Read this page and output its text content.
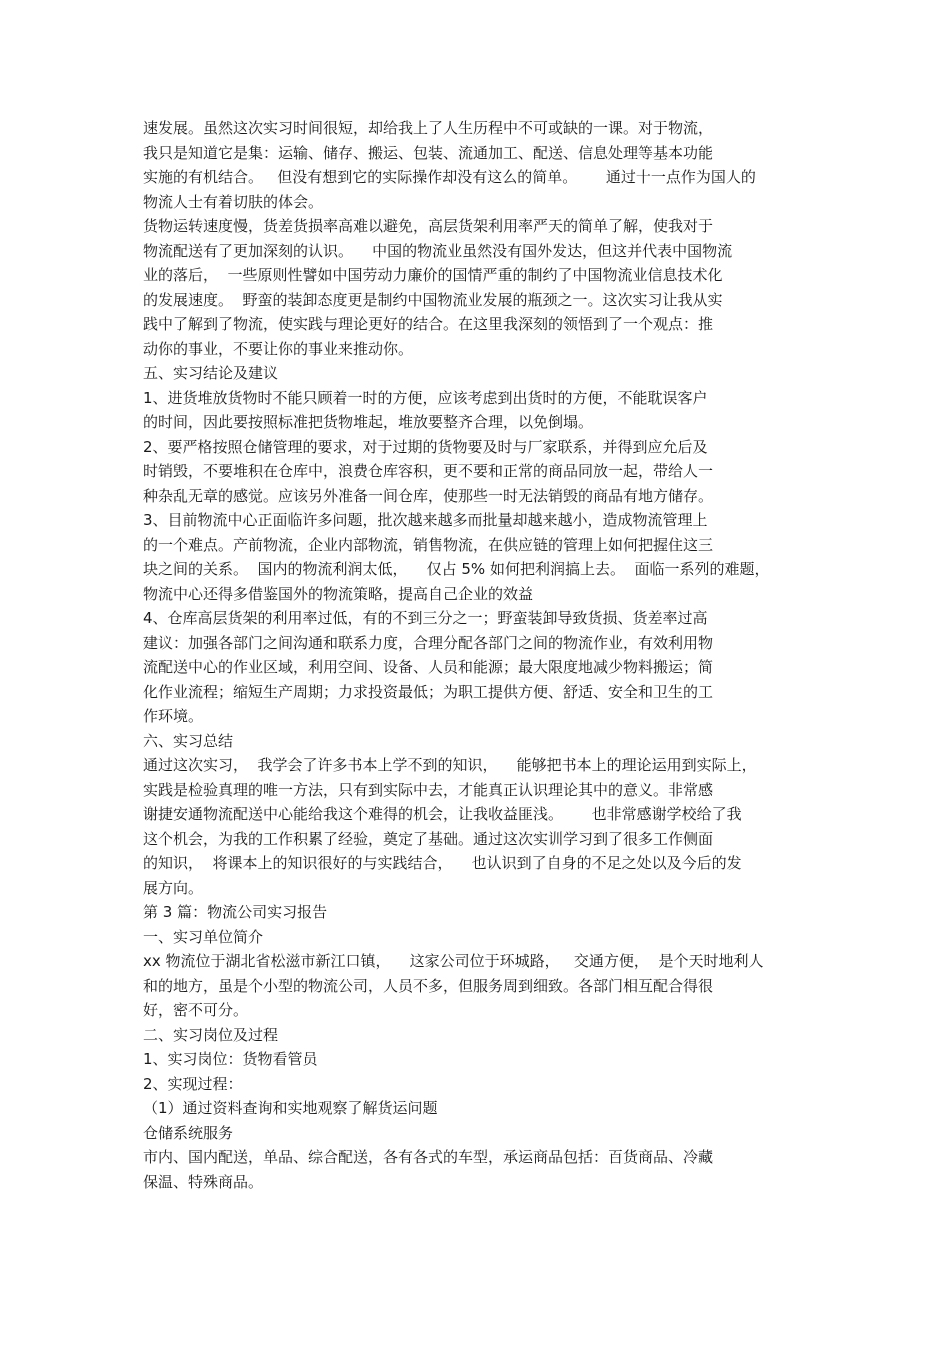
速发展。虽然这次实习时间很短，却给我上了人生历程中不可或缺的一课。对于物流，
我只是知道它是集：运输、储存、搬运、包装、流通加工、配送、信息处理等基本功能
实施的有机结合。   但没有想到它的实际操作却没有这么的简单。      通过十一点作为国人的
物流人士有着切肤的体会。
货物运转速度慢，货差货损率高难以避免，高层货架利用率严天的简单了解，使我对于
物流配送有了更加深刻的认识。    中国的物流业虽然没有国外发达，但这并代表中国物流
业的落后，  一些原则性譬如中国劳动力廉价的国情严重的制约了中国物流业信息技术化
的发展速度。  野蛮的装卸态度更是制约中国物流业发展的瓶颈之一。这次实习让我从实
践中了解到了物流，使实践与理论更好的结合。在这里我深刻的领悟到了一个观点：推
动你的事业，不要让你的事业来推动你。
五、实习结论及建议
1、进货堆放货物时不能只顾着一时的方便，应该考虑到出货时的方便，不能耽误客户
的时间，因此要按照标准把货物堆起，堆放要整齐合理，以免倒塌。
2、要严格按照仓储管理的要求，对于过期的货物要及时与厂家联系，并得到应允后及
时销毁，不要堆积在仓库中，浪费仓库容积，更不要和正常的商品同放一起，带给人一
种杂乱无章的感觉。应该另外准备一间仓库，使那些一时无法销毁的商品有地方储存。
3、目前物流中心正面临许多问题，批次越来越多而批量却越来越小，造成物流管理上
的一个难点。产前物流，企业内部物流，销售物流，在供应链的管理上如何把握住这三
块之间的关系。  国内的物流利润太低，    仅占 5% 如何把利润搞上去。  面临一系列的难题，
物流中心还得多借鉴国外的物流策略，提高自己企业的效益
4、仓库高层货架的利用率过低，有的不到三分之一；野蛮装卸导致货损、货差率过高
建议：加强各部门之间沟通和联系力度，合理分配各部门之间的物流作业，有效利用物
流配送中心的作业区域，利用空间、设备、人员和能源；最大限度地减少物料搬运；简
化作业流程；缩短生产周期；力求投资最低；为职工提供方便、舒适、安全和卫生的工
作环境。
六、实习总结
通过这次实习，  我学会了许多书本上学不到的知识，    能够把书本上的理论运用到实际上，
实践是检验真理的唯一方法，只有到实际中去，才能真正认识理论其中的意义。非常感
谢捷安通物流配送中心能给我这个难得的机会，让我收益匪浅。      也非常感谢学校给了我
这个机会，为我的工作积累了经验，奠定了基础。通过这次实训学习到了很多工作侧面
的知识，  将课本上的知识很好的与实践结合，    也认识到了自身的不足之处以及今后的发
展方向。
第 3 篇：物流公司实习报告
一、实习单位简介
xx 物流位于湖北省松滋市新江口镇，    这家公司位于环城路，   交通方便，  是个天时地利人
和的地方，虽是个小型的物流公司，人员不多，但服务周到细致。各部门相互配合得很
好，密不可分。
二、实习岗位及过程
1、实习岗位：货物看管员
2、实现过程：
（1）通过资料查询和实地观察了解货运问题
仓储系统服务
市内、国内配送，单品、综合配送，各有各式的车型，承运商品包括：百货商品、冷藏
保温、特殊商品。
